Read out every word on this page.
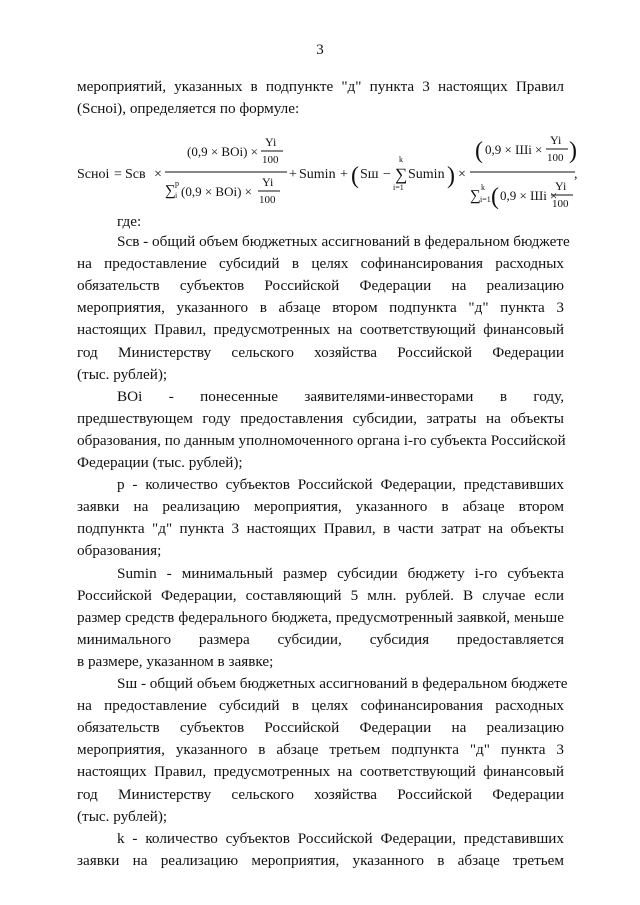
3
мероприятий, указанных в подпункте "д" пункта 3 настоящих Правил
(Sсноі), определяется по формуле:
Sсноі = Sсв ×
(0,9 × BOi) ×
Yi
100
∑ p
i (0,9 × BOi) ×
Yi
100
+ Sumin + ( Sш − ∑
k
i=1
Sumin ) ×
( 0,9 × Шi ×
Yi
100 )
∑
k
i=1 ( 0,9 × Шi ×
Yi
100
,
где:
Sсв - общий объем бюджетных ассигнований в федеральном бюджете
на предоставление субсидий в целях софинансирования расходных
обязательств субъектов Российской Федерации на реализацию
мероприятия, указанного в абзаце втором подпункта "д" пункта 3
настоящих Правил, предусмотренных на соответствующий финансовый
год Министерству сельского хозяйства Российской Федерации
(тыс. рублей);
BOi - понесенные заявителями-инвесторами в году,
предшествующем году предоставления субсидии, затраты на объекты
образования, по данным уполномоченного органа i-го субъекта Российской
Федерации (тыс. рублей);
p - количество субъектов Российской Федерации, представивших
заявки на реализацию мероприятия, указанного в абзаце втором
подпункта "д" пункта 3 настоящих Правил, в части затрат на объекты
образования;
Sumin - минимальный размер субсидии бюджету i-го субъекта
Российской Федерации, составляющий 5 млн. рублей. В случае если
размер средств федерального бюджета, предусмотренный заявкой, меньше
минимального размера субсидии, субсидия предоставляется
в размере, указанном в заявке;
Sш - общий объем бюджетных ассигнований в федеральном бюджете
на предоставление субсидий в целях софинансирования расходных
обязательств субъектов Российской Федерации на реализацию
мероприятия, указанного в абзаце третьем подпункта "д" пункта 3
настоящих Правил, предусмотренных на соответствующий финансовый
год Министерству сельского хозяйства Российской Федерации
(тыс. рублей);
k - количество субъектов Российской Федерации, представивших
заявки на реализацию мероприятия, указанного в абзаце третьем
